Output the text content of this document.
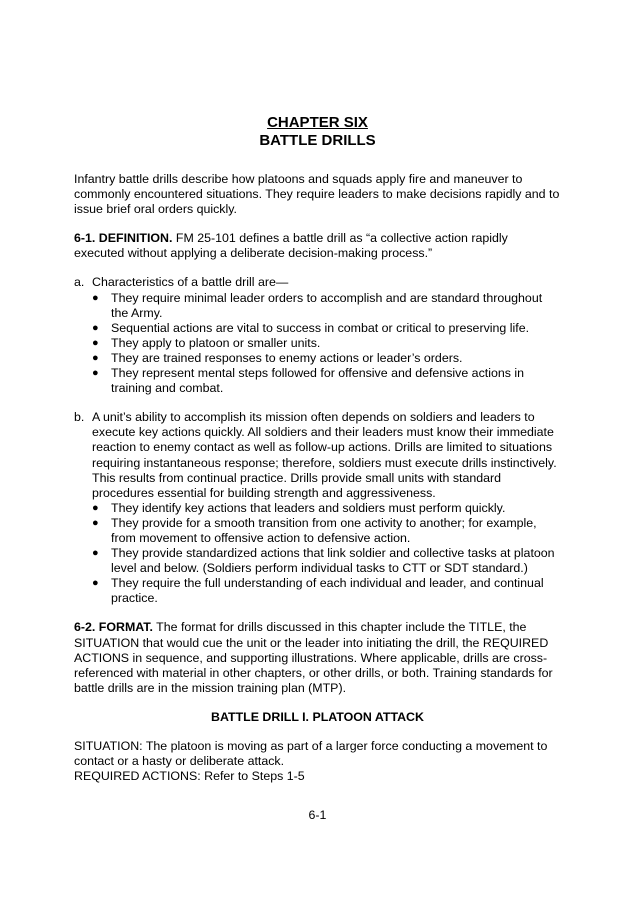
CHAPTER SIX
BATTLE DRILLS

Infantry battle drills describe how platoons and squads apply fire and maneuver to commonly encountered situations. They require leaders to make decisions rapidly and to issue brief oral orders quickly.

6-1. DEFINITION. FM 25-101 defines a battle drill as “a collective action rapidly executed without applying a deliberate decision-making process.”

a. Characteristics of a battle drill are—
● They require minimal leader orders to accomplish and are standard throughout the Army.
● Sequential actions are vital to success in combat or critical to preserving life.
● They apply to platoon or smaller units.
● They are trained responses to enemy actions or leader’s orders.
● They represent mental steps followed for offensive and defensive actions in training and combat.
b. A unit’s ability to accomplish its mission often depends on soldiers and leaders to execute key actions quickly. All soldiers and their leaders must know their immediate reaction to enemy contact as well as follow-up actions. Drills are limited to situations requiring instantaneous response; therefore, soldiers must execute drills instinctively. This results from continual practice. Drills provide small units with standard procedures essential for building strength and aggressiveness.
● They identify key actions that leaders and soldiers must perform quickly.
● They provide for a smooth transition from one activity to another; for example, from movement to offensive action to defensive action.
● They provide standardized actions that link soldier and collective tasks at platoon level and below. (Soldiers perform individual tasks to CTT or SDT standard.)
● They require the full understanding of each individual and leader, and continual practice.

6-2. FORMAT. The format for drills discussed in this chapter include the TITLE, the SITUATION that would cue the unit or the leader into initiating the drill, the REQUIRED ACTIONS in sequence, and supporting illustrations. Where applicable, drills are cross-referenced with material in other chapters, or other drills, or both. Training standards for battle drills are in the mission training plan (MTP).

BATTLE DRILL I. PLATOON ATTACK

SITUATION: The platoon is moving as part of a larger force conducting a movement to contact or a hasty or deliberate attack.

REQUIRED ACTIONS: Refer to Steps 1-5

6-1
